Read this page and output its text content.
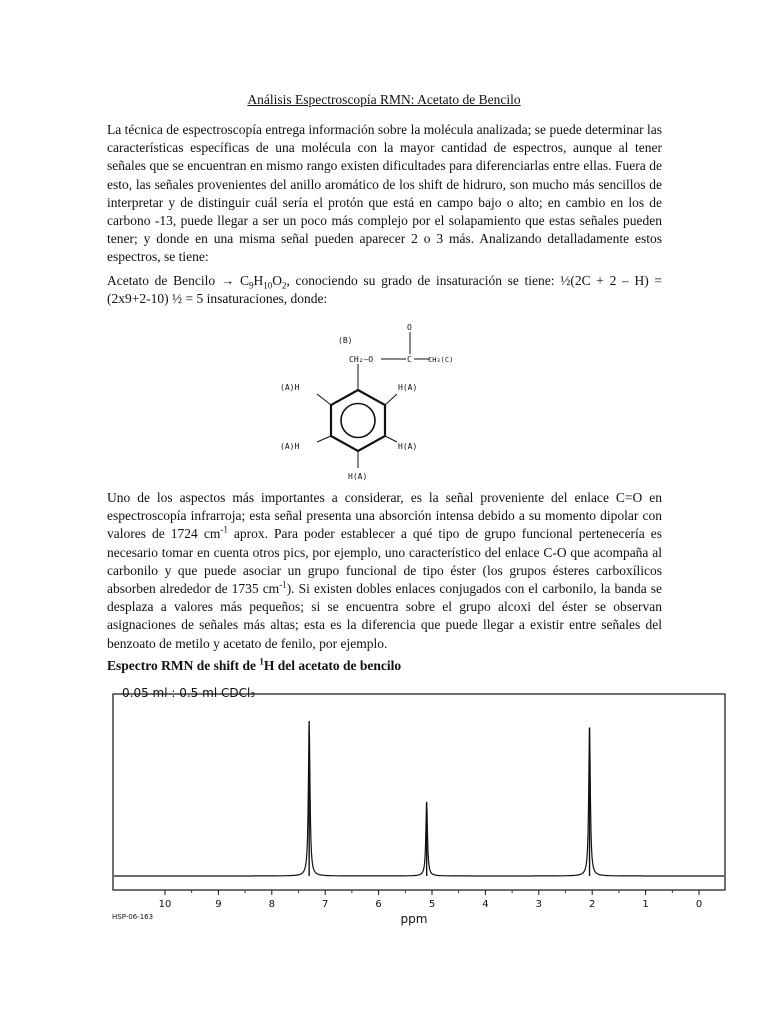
Análisis Espectroscopía RMN: Acetato de Bencilo

La técnica de espectroscopía entrega información sobre la molécula analizada; se puede determinar las características específicas de una molécula con la mayor cantidad de espectros, aunque al tener señales que se encuentran en mismo rango existen dificultades para diferenciarlas entre ellas. Fuera de esto, las señales provenientes del anillo aromático de los shift de hidruro, son mucho más sencillos de interpretar y de distinguir cuál sería el protón que está en campo bajo o alto; en cambio en los de carbono -13, puede llegar a ser un poco más complejo por el solapamiento que estas señales pueden tener; y donde en una misma señal pueden aparecer 2 o 3 más. Analizando detalladamente estos espectros, se tiene:

Acetato de Bencilo → $C_9H_{10}O_2$, conociendo su grado de insaturación se tiene: ½(2C + 2 – H) = (2x9+2-10) ½ = 5 insaturaciones, donde:

(B)
CH₂—O
O
C CH₃(C)
(A)H	H(A)
(A)H	H(A)
H(A)

Uno de los aspectos más importantes a considerar, es la señal proveniente del enlace C=O en espectroscopía infrarroja; esta señal presenta una absorción intensa debido a su momento dipolar con valores de 1724 $cm^{-1}$ aprox. Para poder establecer a qué tipo de grupo funcional pertenecería es necesario tomar en cuenta otros pics, por ejemplo, uno característico del enlace C-O que acompaña al carbonilo y que puede asociar un grupo funcional de tipo éster (los grupos ésteres carboxílicos absorben alrededor de 1735 $cm^{-1}$). Si existen dobles enlaces conjugados con el carbonilo, la banda se desplaza a valores más pequeños; si se encuentra sobre el grupo alcoxi del éster se observan asignaciones de señales más altas; esta es la diferencia que puede llegar a existir entre señales del benzoato de metilo y acetato de fenilo, por ejemplo.

Espectro RMN de shift de $^1$H del acetato de bencilo

0.05 ml : 0.5 ml CDCl₃
10	9	8	7	6	5	4	3	2	1	0
HSP-06-163	ppm
